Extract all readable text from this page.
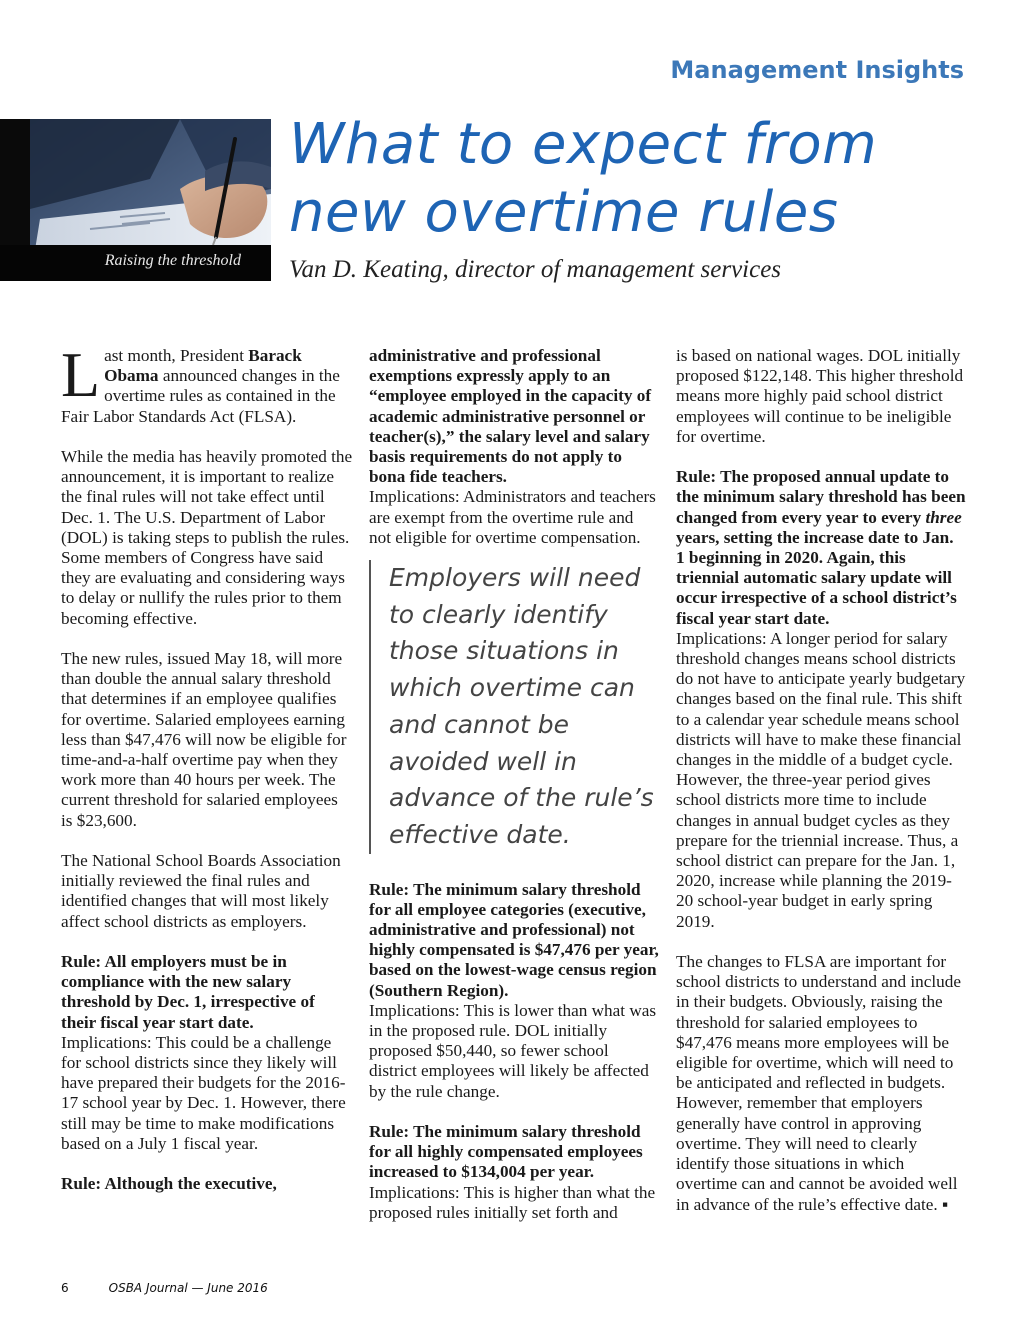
Management Insights
Raising the threshold
What to expect from
new overtime rules
Van D. Keating, director of management services

Last month, President Barack Obama announced changes in the overtime rules as contained in the Fair Labor Standards Act (FLSA).

While the media has heavily promoted the announcement, it is important to realize the final rules will not take effect until Dec. 1. The U.S. Department of Labor (DOL) is taking steps to publish the rules. Some members of Congress have said they are evaluating and considering ways to delay or nullify the rules prior to them becoming effective.

The new rules, issued May 18, will more than double the annual salary threshold that determines if an employee qualifies for overtime. Salaried employees earning less than $47,476 will now be eligible for time-and-a-half overtime pay when they work more than 40 hours per week. The current threshold for salaried employees is $23,600.

The National School Boards Association initially reviewed the final rules and identified changes that will most likely affect school districts as employers.

Rule: All employers must be in compliance with the new salary threshold by Dec. 1, irrespective of their fiscal year start date.

Implications: This could be a challenge for school districts since they likely will have prepared their budgets for the 2016-17 school year by Dec. 1. However, there still may be time to make modifications based on a July 1 fiscal year.

Rule: Although the executive,

administrative and professional exemptions expressly apply to an “employee employed in the capacity of academic administrative personnel or teacher(s),” the salary level and salary basis requirements do not apply to bona fide teachers.

Implications: Administrators and teachers are exempt from the overtime rule and not eligible for overtime compensation.

Employers will need to clearly identify those situations in which overtime can and cannot be avoided well in advance of the rule’s effective date.

Rule: The minimum salary threshold for all employee categories (executive, administrative and professional) not highly compensated is $47,476 per year, based on the lowest-wage census region (Southern Region).

Implications: This is lower than what was in the proposed rule. DOL initially proposed $50,440, so fewer school district employees will likely be affected by the rule change.

Rule: The minimum salary threshold for all highly compensated employees increased to $134,004 per year.

Implications: This is higher than what the proposed rules initially set forth and

is based on national wages. DOL initially proposed $122,148. This higher threshold means more highly paid school district employees will continue to be ineligible for overtime.

Rule: The proposed annual update to the minimum salary threshold has been changed from every year to every three years, setting the increase date to Jan. 1 beginning in 2020. Again, this triennial automatic salary update will occur irrespective of a school district’s fiscal year start date.

Implications: A longer period for salary threshold changes means school districts do not have to anticipate yearly budgetary changes based on the final rule. This shift to a calendar year schedule means school districts will have to make these financial changes in the middle of a budget cycle. However, the three-year period gives school districts more time to include changes in annual budget cycles as they prepare for the triennial increase. Thus, a school district can prepare for the Jan. 1, 2020, increase while planning the 2019-20 school-year budget in early spring 2019.

The changes to FLSA are important for school districts to understand and include in their budgets. Obviously, raising the threshold for salaried employees to $47,476 means more employees will be eligible for overtime, which will need to be anticipated and reflected in budgets. However, remember that employers generally have control in approving overtime. They will need to clearly identify those situations in which overtime can and cannot be avoided well in advance of the rule’s effective date. ▪

6	OSBA Journal — June 2016
